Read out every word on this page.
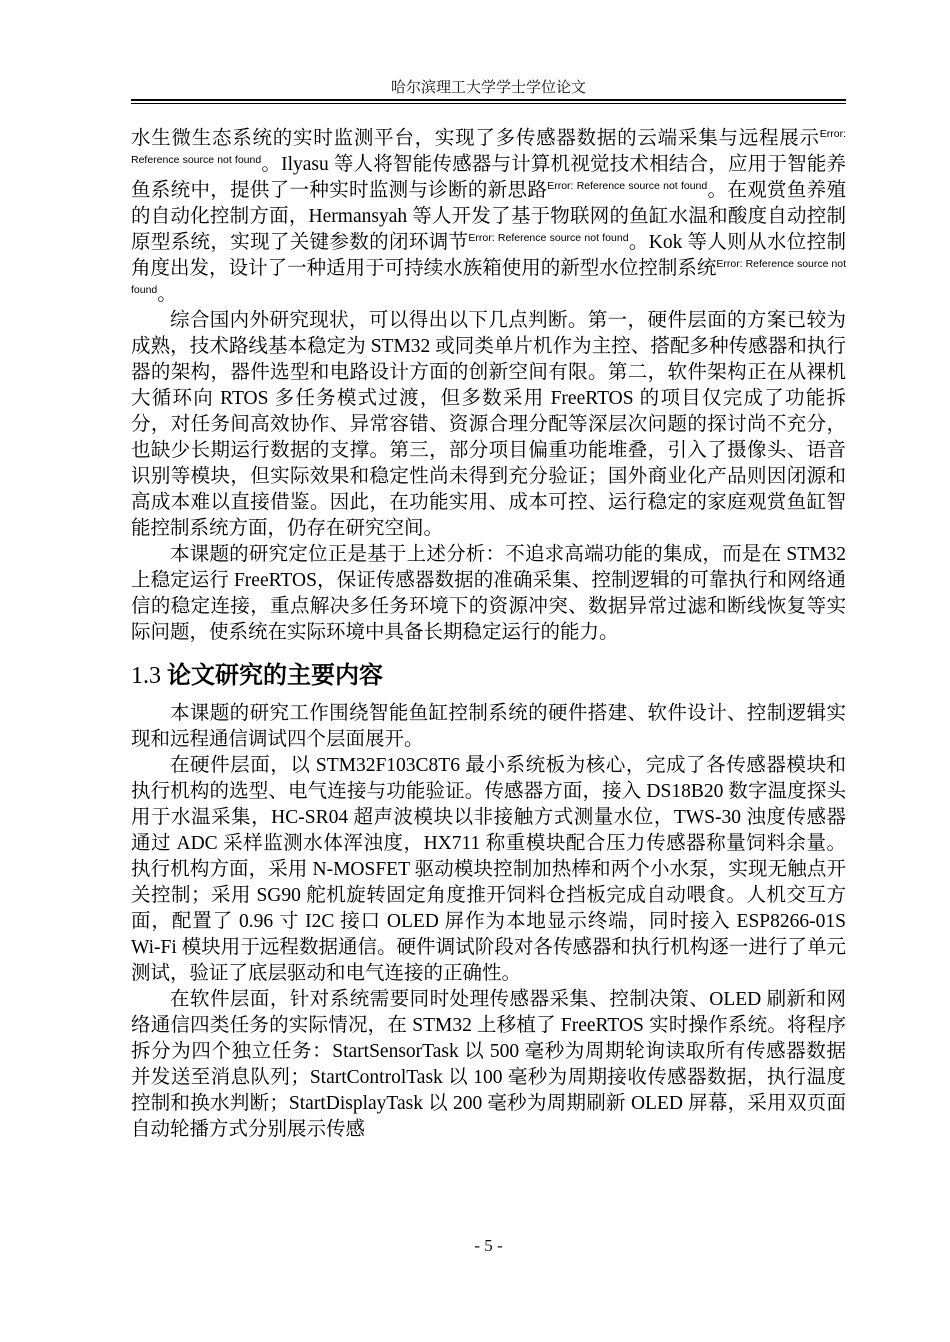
哈尔滨理工大学学士学位论文

水生微生态系统的实时监测平台，实现了多传感器数据的云端采集与远程展示$^{Error: Reference source not found}$。Ilyasu 等人将智能传感器与计算机视觉技术相结合，应用于智能养鱼系统中，提供了一种实时监测与诊断的新思路$^{Error: Reference source not found}$。在观赏鱼养殖的自动化控制方面，Hermansyah 等人开发了基于物联网的鱼缸水温和酸度自动控制原型系统，实现了关键参数的闭环调节$^{Error: Reference source not found}$。Kok 等人则从水位控制角度出发，设计了一种适用于可持续水族箱使用的新型水位控制系统$^{Error: Reference source not found}$。

综合国内外研究现状，可以得出以下几点判断。第一，硬件层面的方案已较为成熟，技术路线基本稳定为 STM32 或同类单片机作为主控、搭配多种传感器和执行器的架构，器件选型和电路设计方面的创新空间有限。第二，软件架构正在从裸机大循环向 RTOS 多任务模式过渡，但多数采用 FreeRTOS 的项目仅完成了功能拆分，对任务间高效协作、异常容错、资源合理分配等深层次问题的探讨尚不充分，也缺少长期运行数据的支撑。第三，部分项目偏重功能堆叠，引入了摄像头、语音识别等模块，但实际效果和稳定性尚未得到充分验证；国外商业化产品则因闭源和高成本难以直接借鉴。因此，在功能实用、成本可控、运行稳定的家庭观赏鱼缸智能控制系统方面，仍存在研究空间。

本课题的研究定位正是基于上述分析：不追求高端功能的集成，而是在 STM32 上稳定运行 FreeRTOS，保证传感器数据的准确采集、控制逻辑的可靠执行和网络通信的稳定连接，重点解决多任务环境下的资源冲突、数据异常过滤和断线恢复等实际问题，使系统在实际环境中具备长期稳定运行的能力。

1.3 论文研究的主要内容

本课题的研究工作围绕智能鱼缸控制系统的硬件搭建、软件设计、控制逻辑实现和远程通信调试四个层面展开。

在硬件层面，以 STM32F103C8T6 最小系统板为核心，完成了各传感器模块和执行机构的选型、电气连接与功能验证。传感器方面，接入 DS18B20 数字温度探头用于水温采集，HC-SR04 超声波模块以非接触方式测量水位，TWS-30 浊度传感器通过 ADC 采样监测水体浑浊度，HX711 称重模块配合压力传感器称量饲料余量。执行机构方面，采用 N-MOSFET 驱动模块控制加热棒和两个小水泵，实现无触点开关控制；采用 SG90 舵机旋转固定角度推开饲料仓挡板完成自动喂食。人机交互方面，配置了 0.96 寸 I2C 接口 OLED 屏作为本地显示终端，同时接入 ESP8266-01S Wi-Fi 模块用于远程数据通信。硬件调试阶段对各传感器和执行机构逐一进行了单元测试，验证了底层驱动和电气连接的正确性。

在软件层面，针对系统需要同时处理传感器采集、控制决策、OLED 刷新和网络通信四类任务的实际情况，在 STM32 上移植了 FreeRTOS 实时操作系统。将程序拆分为四个独立任务：StartSensorTask 以 500 毫秒为周期轮询读取所有传感器数据并发送至消息队列；StartControlTask 以 100 毫秒为周期接收传感器数据，执行温度控制和换水判断；StartDisplayTask 以 200 毫秒为周期刷新 OLED 屏幕，采用双页面自动轮播方式分别展示传感

- 5 -
